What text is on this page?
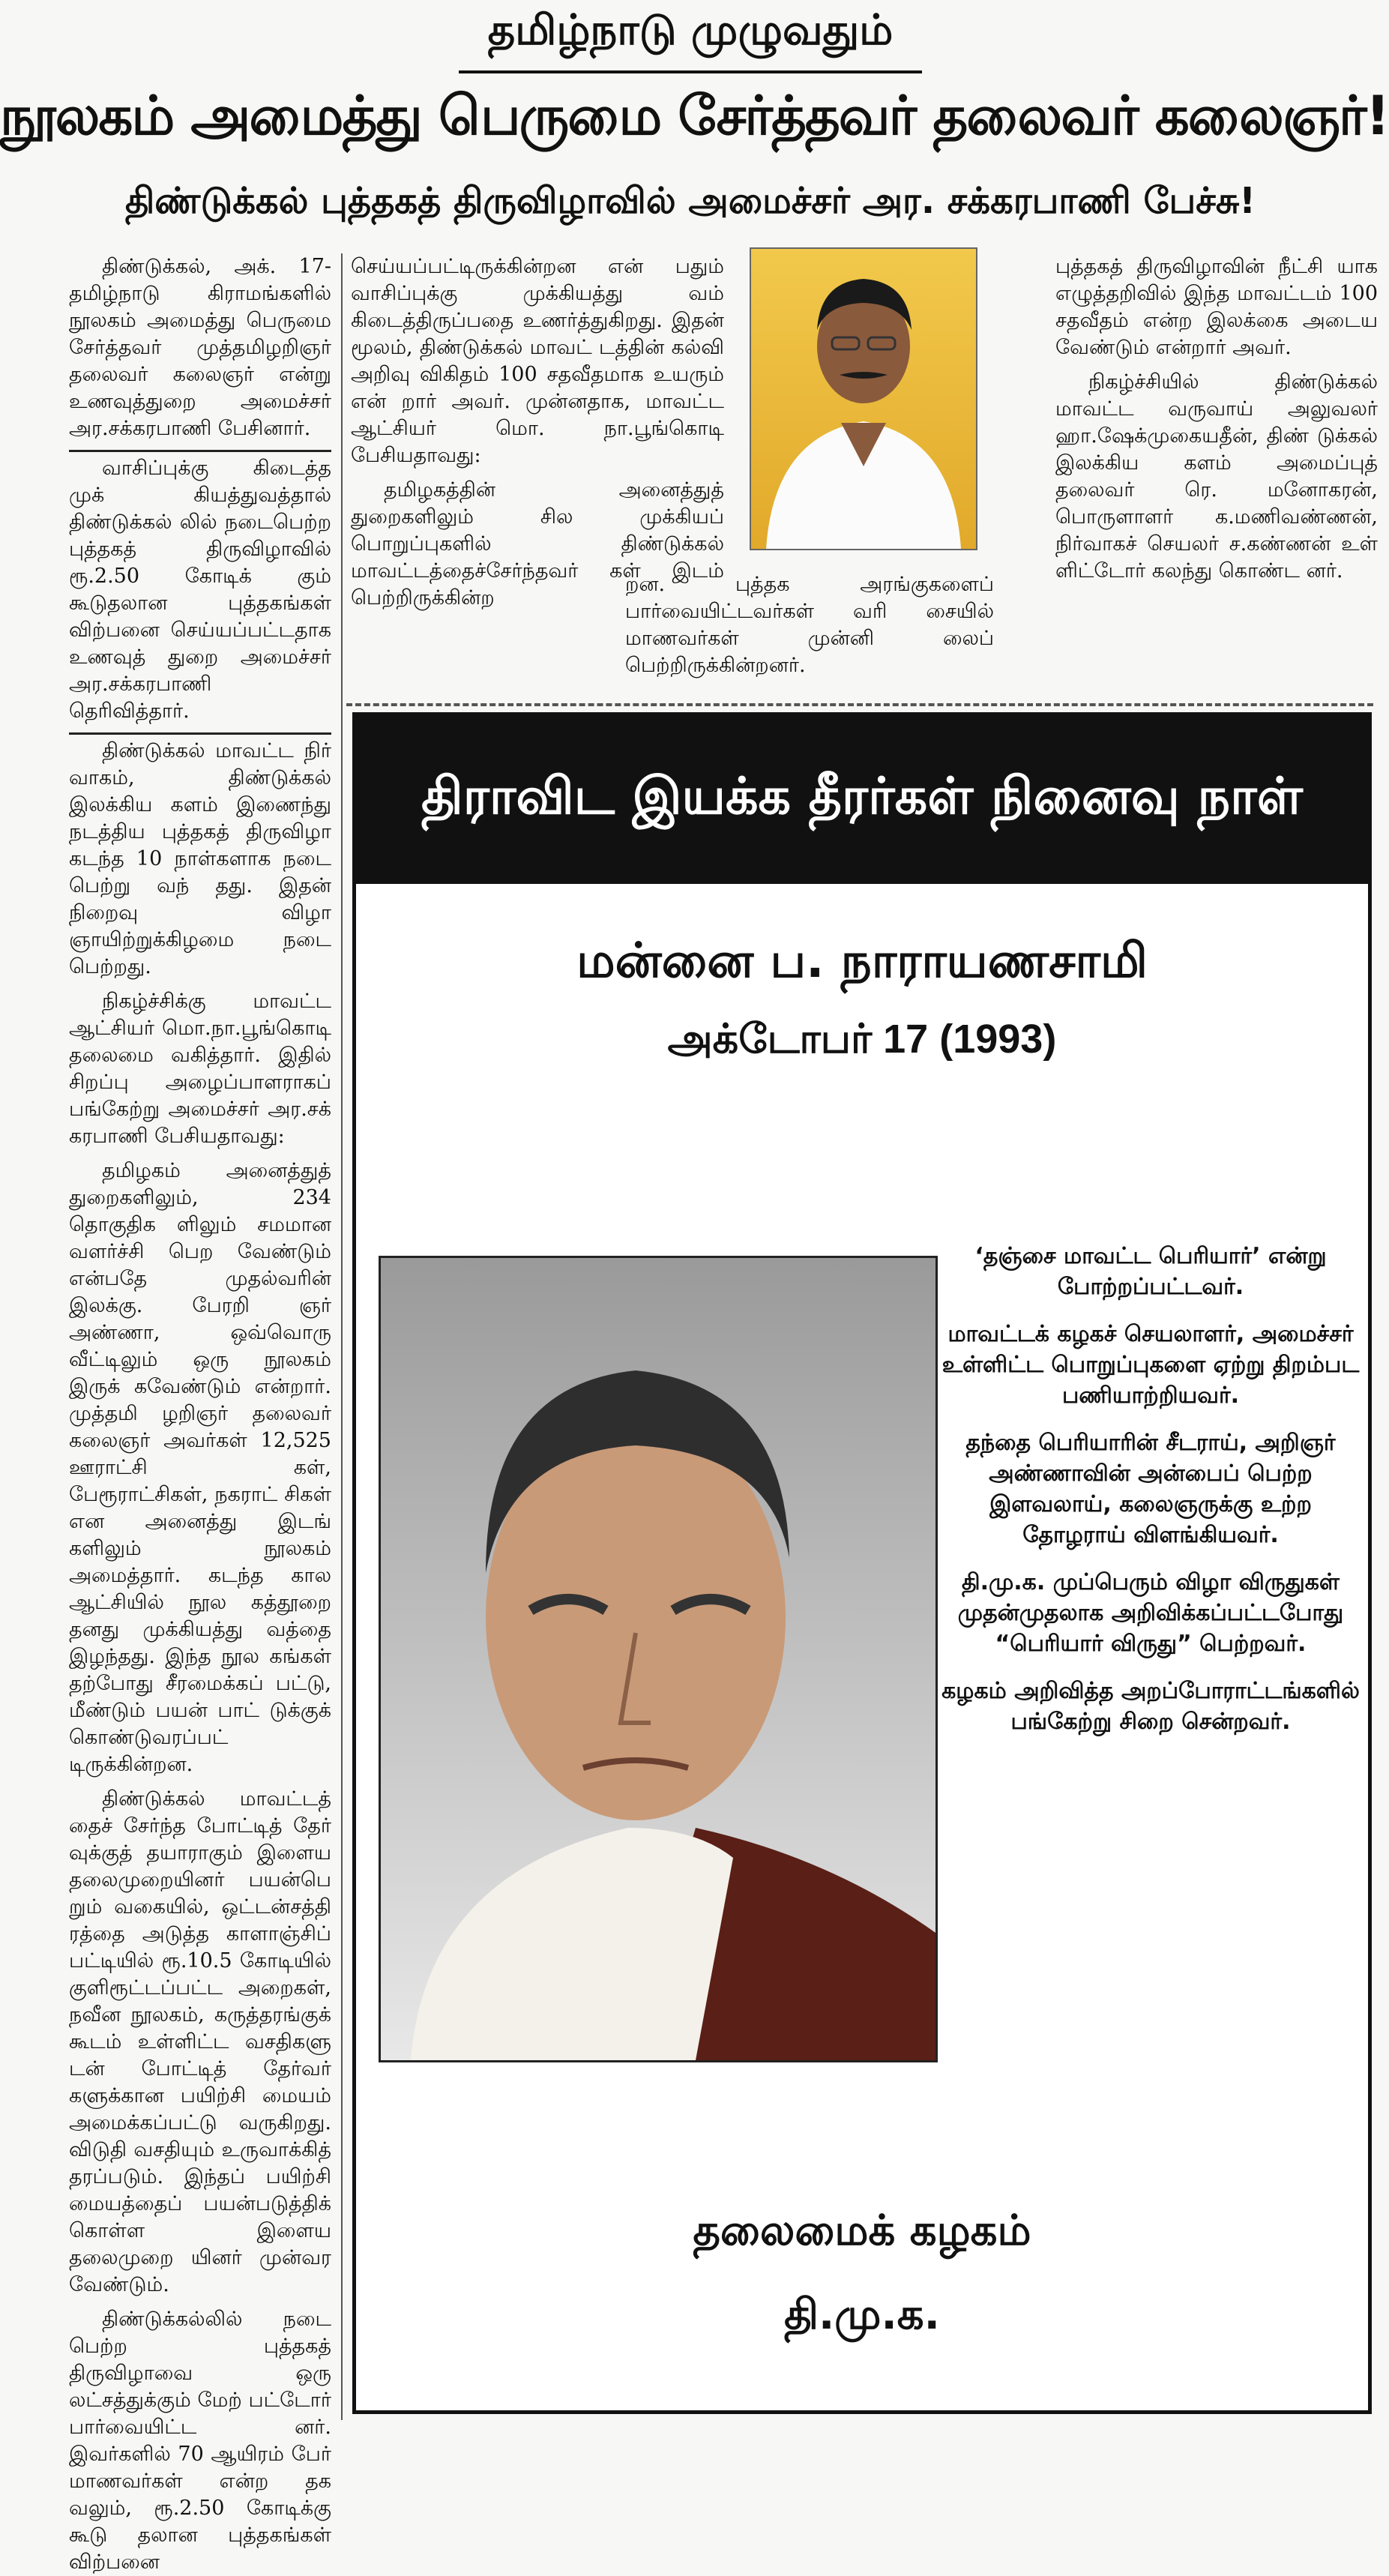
தமிழ்நாடு முழுவதும்
நூலகம் அமைத்து பெருமை சேர்த்தவர் தலைவர் கலைஞர்!
திண்டுக்கல் புத்தகத் திருவிழாவில் அமைச்சர் அர. சக்கரபாணி பேச்சு!

திண்டுக்கல், அக். 17- தமிழ்நாடு கிராமங்களில் நூலகம் அமைத்து பெருமை சேர்த்தவர் முத்தமிழறிஞர் தலைவர் கலைஞர் என்று உணவுத்துறை அமைச்சர் அர.சக்கரபாணி பேசினார்.

வாசிப்புக்கு கிடைத்த முக் கியத்துவத்தால் திண்டுக்கல் லில் நடைபெற்ற புத்தகத் திருவிழாவில் ரூ.2.50 கோடிக் கும் கூடுதலான புத்தகங்கள் விற்பனை செய்யப்பட்டதாக உணவுத் துறை அமைச்சர் அர.சக்கரபாணி தெரிவித்தார்.

திண்டுக்கல் மாவட்ட நிர் வாகம், திண்டுக்கல் இலக்கிய களம் இணைந்து நடத்திய புத்தகத் திருவிழா கடந்த 10 நாள்களாக நடை பெற்று வந் தது. இதன் நிறைவு விழா ஞாயிற்றுக்கிழமை நடை பெற்றது.

நிகழ்ச்சிக்கு மாவட்ட ஆட்சியர் மொ.நா.பூங்கொடி தலைமை வகித்தார். இதில் சிறப்பு அழைப்பாளராகப் பங்கேற்று அமைச்சர் அர.சக் கரபாணி பேசியதாவது:

தமிழகம் அனைத்துத் துறைகளிலும், 234 தொகுதிக ளிலும் சமமான வளர்ச்சி பெற வேண்டும் என்பதே முதல்வரின் இலக்கு. பேரறி ஞர் அண்ணா, ஒவ்வொரு வீட்டிலும் ஒரு நூலகம் இருக் கவேண்டும் என்றார். முத்தமி ழறிஞர் தலைவர் கலைஞர் அவர்கள் 12,525 ஊராட்சி கள், பேரூராட்சிகள், நகராட் சிகள் என அனைத்து இடங் களிலும் நூலகம் அமைத்தார். கடந்த கால ஆட்சியில் நூல கத்தூறை தனது முக்கியத்து வத்தை இழந்தது. இந்த நூல கங்கள் தற்போது சீரமைக்கப் பட்டு, மீண்டும் பயன் பாட் டுக்குக் கொண்டுவரப்பட் டிருக்கின்றன.

திண்டுக்கல் மாவட்டத் தைச் சேர்ந்த போட்டித் தேர் வுக்குத் தயாராகும் இளைய தலைமுறையினர் பயன்பெ றும் வகையில், ஒட்டன்சத்தி ரத்தை அடுத்த காளாஞ்சிப் பட்டியில் ரூ.10.5 கோடியில் குளிரூட்டப்பட்ட அறைகள், நவீன நூலகம், கருத்தரங்குக் கூடம் உள்ளிட்ட வசதிகளு டன் போட்டித் தேர்வர் களுக்கான பயிற்சி மையம் அமைக்கப்பட்டு வருகிறது. விடுதி வசதியும் உருவாக்கித் தரப்படும். இந்தப் பயிற்சி மையத்தைப் பயன்படுத்திக் கொள்ள இளைய தலைமுறை யினர் முன்வர வேண்டும்.

திண்டுக்கல்லில் நடை பெற்ற புத்தகத் திருவிழாவை ஒரு லட்சத்துக்கும் மேற் பட்டோர் பார்வையிட்ட னர். இவர்களில் 70 ஆயிரம் பேர் மாணவர்கள் என்ற தக வலும், ரூ.2.50 கோடிக்கு கூடு தலான புத்தகங்கள் விற்பனை

செய்யப்பட்டிருக்கின்றன என் பதும் வாசிப்புக்கு முக்கியத்து வம் கிடைத்திருப்பதை உணர்த்துகிறது. இதன் மூலம், திண்டுக்கல் மாவட் டத்தின் கல்வி அறிவு விகிதம் 100 சதவீதமாக உயரும் என் றார் அவர். முன்னதாக, மாவட்ட ஆட்சியர் மொ. நா.பூங்கொடி பேசியதாவது:

தமிழகத்தின் அனைத்துத் துறைகளிலும் சில முக்கியப் பொறுப்புகளில் திண்டுக்கல் மாவட்டத்தைச்சேர்ந்தவர் கள் இடம் பெற்றிருக்கின்ற

றன. புத்தக அரங்குகளைப் பார்வையிட்டவர்கள் வரி சையில் மாணவர்கள் முன்னி லைப் பெற்றிருக்கின்றனர்.

புத்தகத் திருவிழாவின் நீட்சி யாக எழுத்தறிவில் இந்த மாவட்டம் 100 சதவீதம் என்ற இலக்கை அடைய வேண்டும் என்றார் அவர்.

நிகழ்ச்சியில் திண்டுக்கல் மாவட்ட வருவாய் அலுவலர் ஹா.ஷேக்முகையதீன், திண் டுக்கல் இலக்கிய களம் அமைப்புத் தலைவர் ரெ. மனோகரன், பொருளாளர் க.மணிவண்ணன், நிர்வாகச் செயலர் ச.கண்ணன் உள் ளிட்டோர் கலந்து கொண்ட னர்.

திராவிட இயக்க தீரர்கள் நினைவு நாள்
மன்னை ப. நாராயணசாமி
அக்டோபர் 17 (1993)

‘தஞ்சை மாவட்ட பெரியார்’ என்று போற்றப்பட்டவர்.

மாவட்டக் கழகச் செயலாளர், அமைச்சர் உள்ளிட்ட பொறுப்புகளை ஏற்று திறம்பட பணியாற்றியவர்.

தந்தை பெரியாரின் சீடராய், அறிஞர் அண்ணாவின் அன்பைப் பெற்ற இளவலாய், கலைஞருக்கு உற்ற தோழராய் விளங்கியவர்.

தி.மு.க. முப்பெரும் விழா விருதுகள் முதன்முதலாக அறிவிக்கப்பட்டபோது “பெரியார் விருது” பெற்றவர்.

கழகம் அறிவித்த அறப்போராட்டங்களில் பங்கேற்று சிறை சென்றவர்.

தலைமைக் கழகம்
தி.மு.க.
